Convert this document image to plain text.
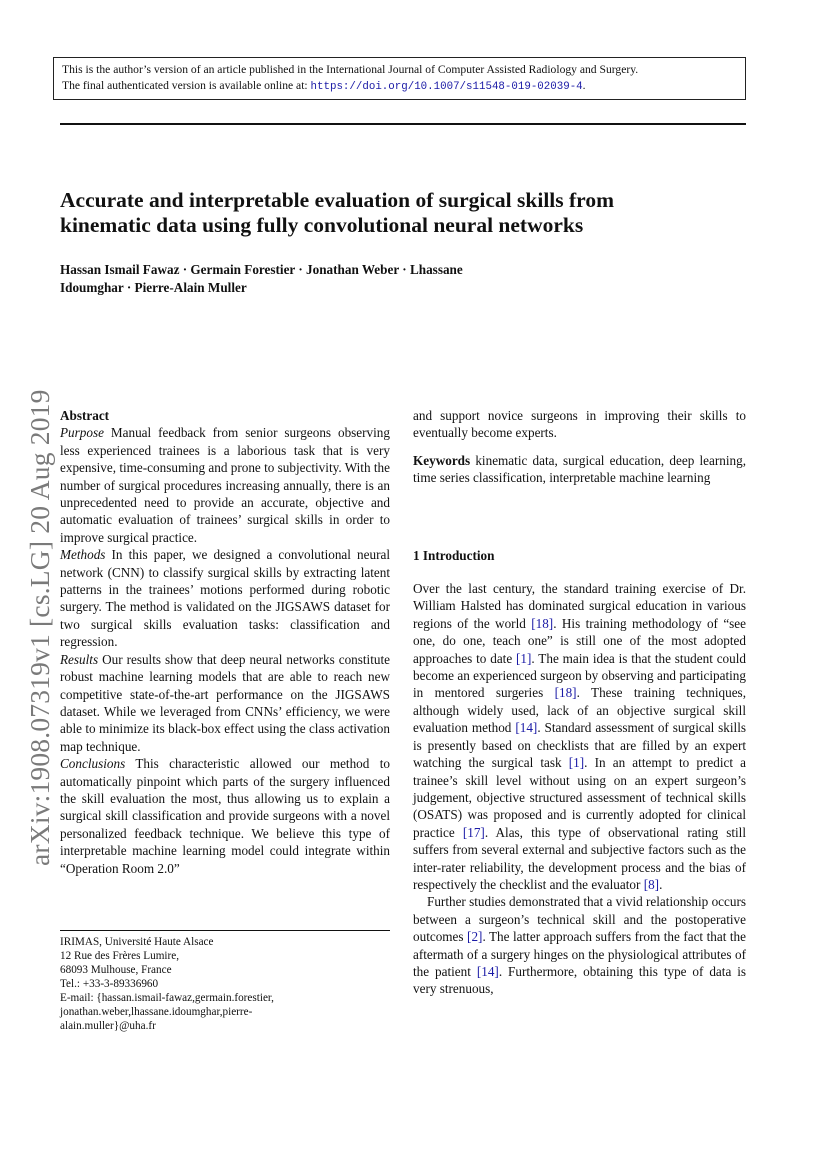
This is the author’s version of an article published in the International Journal of Computer Assisted Radiology and Surgery.
The final authenticated version is available online at: https://doi.org/10.1007/s11548-019-02039-4.
Accurate and interpretable evaluation of surgical skills from
kinematic data using fully convolutional neural networks
Hassan Ismail Fawaz · Germain Forestier · Jonathan Weber · Lhassane
Idoumghar · Pierre-Alain Muller
arXiv:1908.07319v1 [cs.LG] 20 Aug 2019 Abstract

Purpose Manual feedback from senior surgeons observing less experienced trainees is a laborious task that is very expensive, time-consuming and prone to subjectivity. With the number of surgical procedures increasing annually, there is an unprecedented need to provide an accurate, objective and automatic evaluation of trainees’ surgical skills in order to improve surgical practice.

Methods In this paper, we designed a convolutional neural network (CNN) to classify surgical skills by extracting latent patterns in the trainees’ motions performed during robotic surgery. The method is validated on the JIGSAWS dataset for two surgical skills evaluation tasks: classification and regression.

Results Our results show that deep neural networks constitute robust machine learning models that are able to reach new competitive state-of-the-art performance on the JIGSAWS dataset. While we leveraged from CNNs’ efficiency, we were able to minimize its black-box effect using the class activation map technique.

Conclusions This characteristic allowed our method to automatically pinpoint which parts of the surgery influenced the skill evaluation the most, thus allowing us to explain a surgical skill classification and provide surgeons with a novel personalized feedback technique. We believe this type of interpretable machine learning model could integrate within “Operation Room 2.0”

IRIMAS, Université Haute Alsace
12 Rue des Frères Lumire,
68093 Mulhouse, France
Tel.: +33-3-89336960
E-mail: {hassan.ismail-fawaz,germain.forestier,
jonathan.weber,lhassane.idoumghar,pierre-
alain.muller}@uha.fr

and support novice surgeons in improving their skills to eventually become experts.

Keywords kinematic data, surgical education, deep learning, time series classification, interpretable machine learning

1 Introduction

Over the last century, the standard training exercise of Dr. William Halsted has dominated surgical education in various regions of the world [18]. His training methodology of “see one, do one, teach one” is still one of the most adopted approaches to date [1]. The main idea is that the student could become an experienced surgeon by observing and participating in mentored surgeries [18]. These training techniques, although widely used, lack of an objective surgical skill evaluation method [14]. Standard assessment of surgical skills is presently based on checklists that are filled by an expert watching the surgical task [1]. In an attempt to predict a trainee’s skill level without using on an expert surgeon’s judgement, objective structured assessment of technical skills (OSATS) was proposed and is currently adopted for clinical practice [17]. Alas, this type of observational rating still suffers from several external and subjective factors such as the inter-rater reliability, the development process and the bias of respectively the checklist and the evaluator [8].

Further studies demonstrated that a vivid relationship occurs between a surgeon’s technical skill and the postoperative outcomes [2]. The latter approach suffers from the fact that the aftermath of a surgery hinges on the physiological attributes of the patient [14]. Furthermore, obtaining this type of data is very strenuous,
